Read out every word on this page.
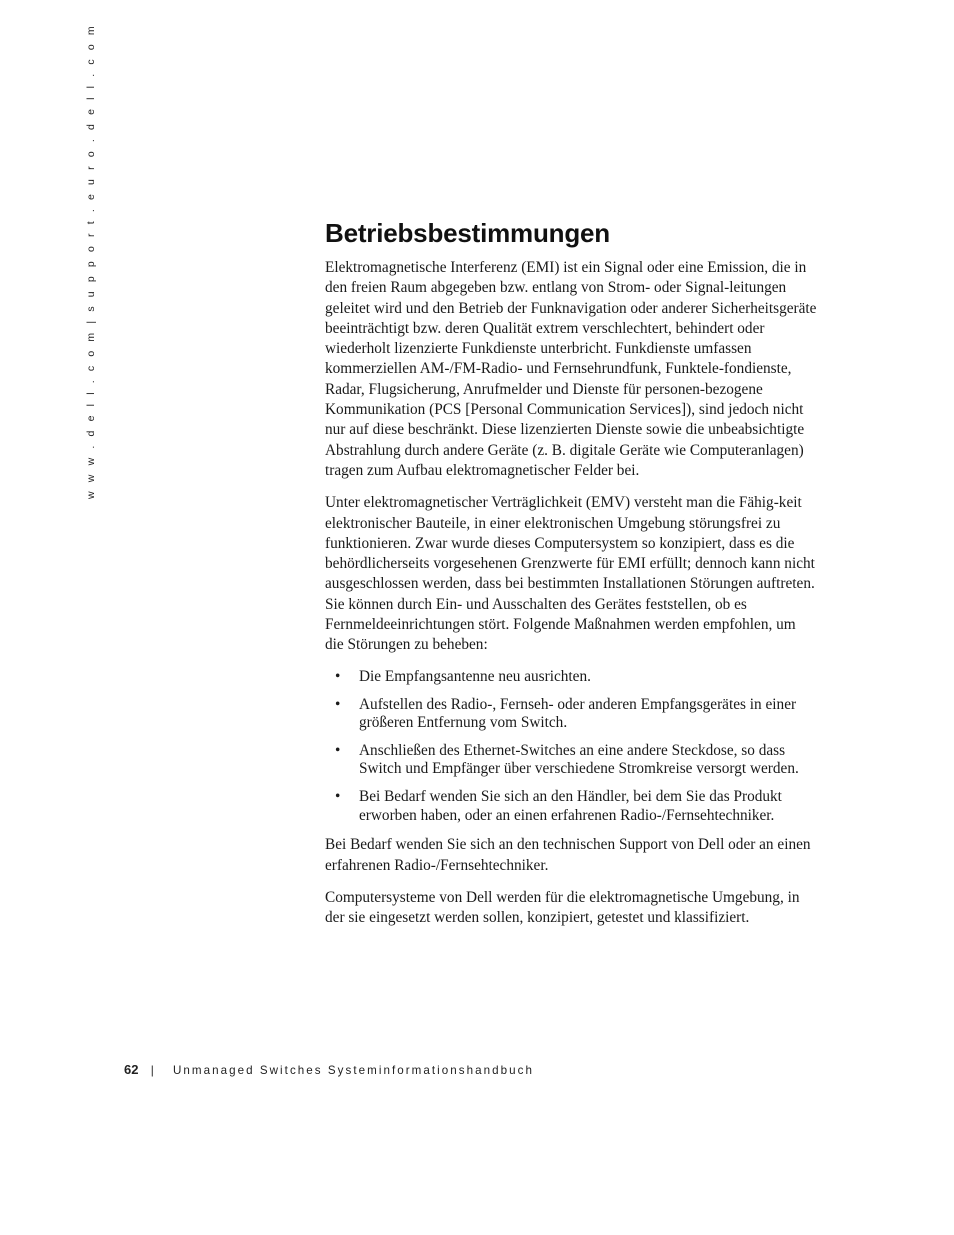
w w w . d e l l . c o m | s u p p o r t . e u r o . d e l l . c o m	Betriebsbestimmungen

Elektromagnetische Interferenz (EMI) ist ein Signal oder eine Emission, die in den freien Raum abgegeben bzw. entlang von Strom- oder Signal-leitungen geleitet wird und den Betrieb der Funknavigation oder anderer Sicherheitsgeräte beeinträchtigt bzw. deren Qualität extrem verschlechtert, behindert oder wiederholt lizenzierte Funkdienste unterbricht. Funkdienste umfassen kommerziellen AM-/FM-Radio- und Fernsehrundfunk, Funktele-fondienste, Radar, Flugsicherung, Anrufmelder und Dienste für personen-bezogene Kommunikation (PCS [Personal Communication Services]), sind jedoch nicht nur auf diese beschränkt. Diese lizenzierten Dienste sowie die unbeabsichtigte Abstrahlung durch andere Geräte (z. B. digitale Geräte wie Computeranlagen) tragen zum Aufbau elektromagnetischer Felder bei.

Unter elektromagnetischer Verträglichkeit (EMV) versteht man die Fähig-keit elektronischer Bauteile, in einer elektronischen Umgebung störungsfrei zu funktionieren. Zwar wurde dieses Computersystem so konzipiert, dass es die behördlicherseits vorgesehenen Grenzwerte für EMI erfüllt; dennoch kann nicht ausgeschlossen werden, dass bei bestimmten Installationen Störungen auftreten. Sie können durch Ein- und Ausschalten des Gerätes feststellen, ob es Fernmeldeeinrichtungen stört. Folgende Maßnahmen werden empfohlen, um die Störungen zu beheben:

• Die Empfangsantenne neu ausrichten.
• Aufstellen des Radio-, Fernseh- oder anderen Empfangsgerätes in einer größeren Entfernung vom Switch.
• Anschließen des Ethernet-Switches an eine andere Steckdose, so dass Switch und Empfänger über verschiedene Stromkreise versorgt werden.
• Bei Bedarf wenden Sie sich an den Händler, bei dem Sie das Produkt erworben haben, oder an einen erfahrenen Radio-/Fernsehtechniker.

Bei Bedarf wenden Sie sich an den technischen Support von Dell oder an einen erfahrenen Radio-/Fernsehtechniker.

Computersysteme von Dell werden für die elektromagnetische Umgebung, in der sie eingesetzt werden sollen, konzipiert, getestet und klassifiziert.

62 | Unmanaged Switches Systeminformationshandbuch
